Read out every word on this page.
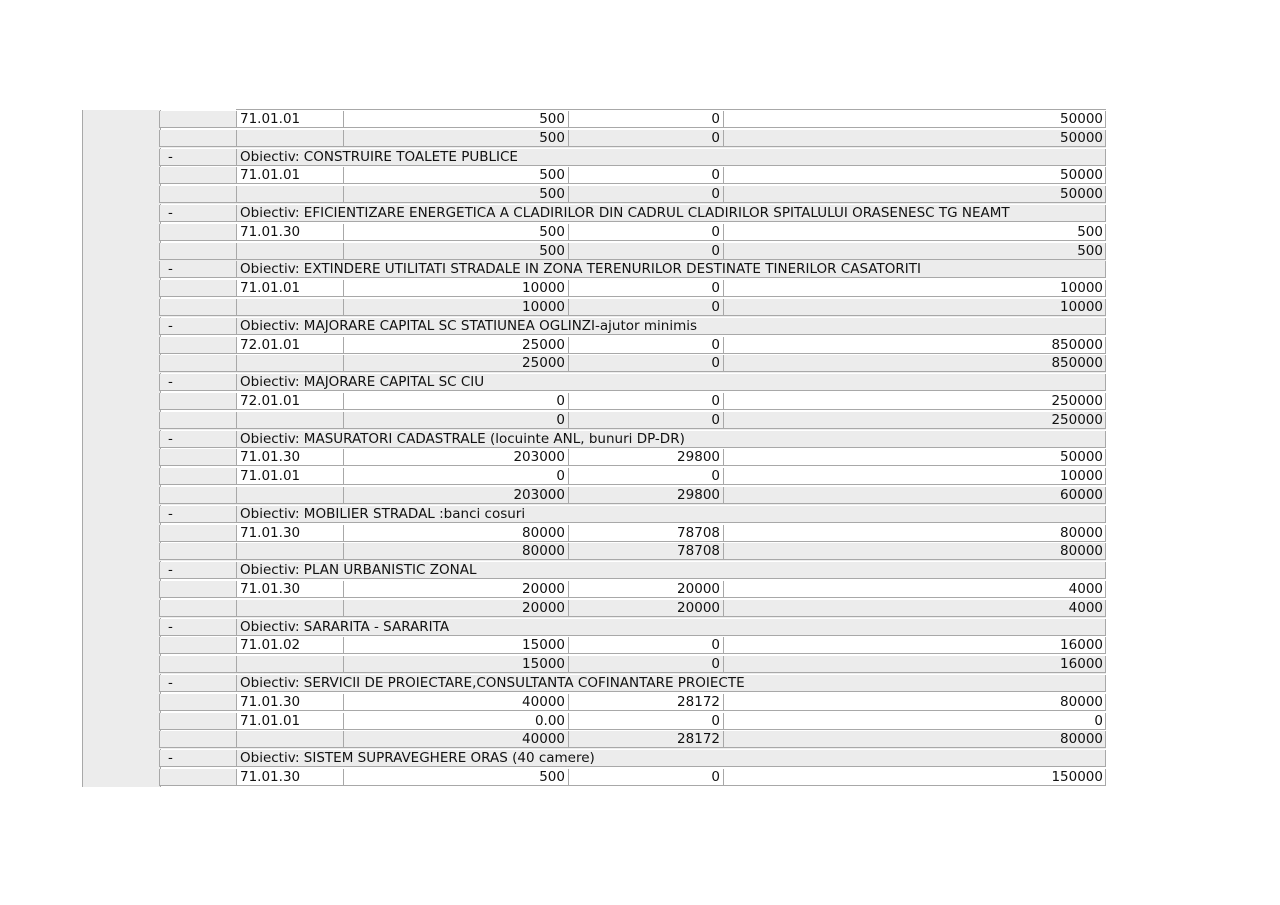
71.01.01	500	0	50000
500	0	50000
-	Obiectiv: CONSTRUIRE TOALETE PUBLICE
71.01.01	500	0	50000
500	0	50000
-	Obiectiv: EFICIENTIZARE ENERGETICA A CLADIRILOR DIN CADRUL CLADIRILOR SPITALULUI ORASENESC TG NEAMT
71.01.30	500	0	500
500	0	500
-	Obiectiv: EXTINDERE UTILITATI STRADALE IN ZONA TERENURILOR DESTINATE TINERILOR CASATORITI
71.01.01	10000	0	10000
10000	0	10000
-	Obiectiv: MAJORARE CAPITAL SC STATIUNEA OGLINZI-ajutor minimis
72.01.01	25000	0	850000
25000	0	850000
-	Obiectiv: MAJORARE CAPITAL SC CIU
72.01.01	0	0	250000
0	0	250000
-	Obiectiv: MASURATORI CADASTRALE (locuinte ANL, bunuri DP-DR)
71.01.30	203000	29800	50000
71.01.01	0	0	10000
203000	29800	60000
-	Obiectiv: MOBILIER STRADAL :banci cosuri
71.01.30	80000	78708	80000
80000	78708	80000
-	Obiectiv: PLAN URBANISTIC ZONAL
71.01.30	20000	20000	4000
20000	20000	4000
-	Obiectiv: SARARITA - SARARITA
71.01.02	15000	0	16000
15000	0	16000
-	Obiectiv: SERVICII DE PROIECTARE,CONSULTANTA COFINANTARE PROIECTE
71.01.30	40000	28172	80000
71.01.01	0.00	0	0
40000	28172	80000
-	Obiectiv: SISTEM SUPRAVEGHERE ORAS (40 camere)
71.01.30	500	0	150000
